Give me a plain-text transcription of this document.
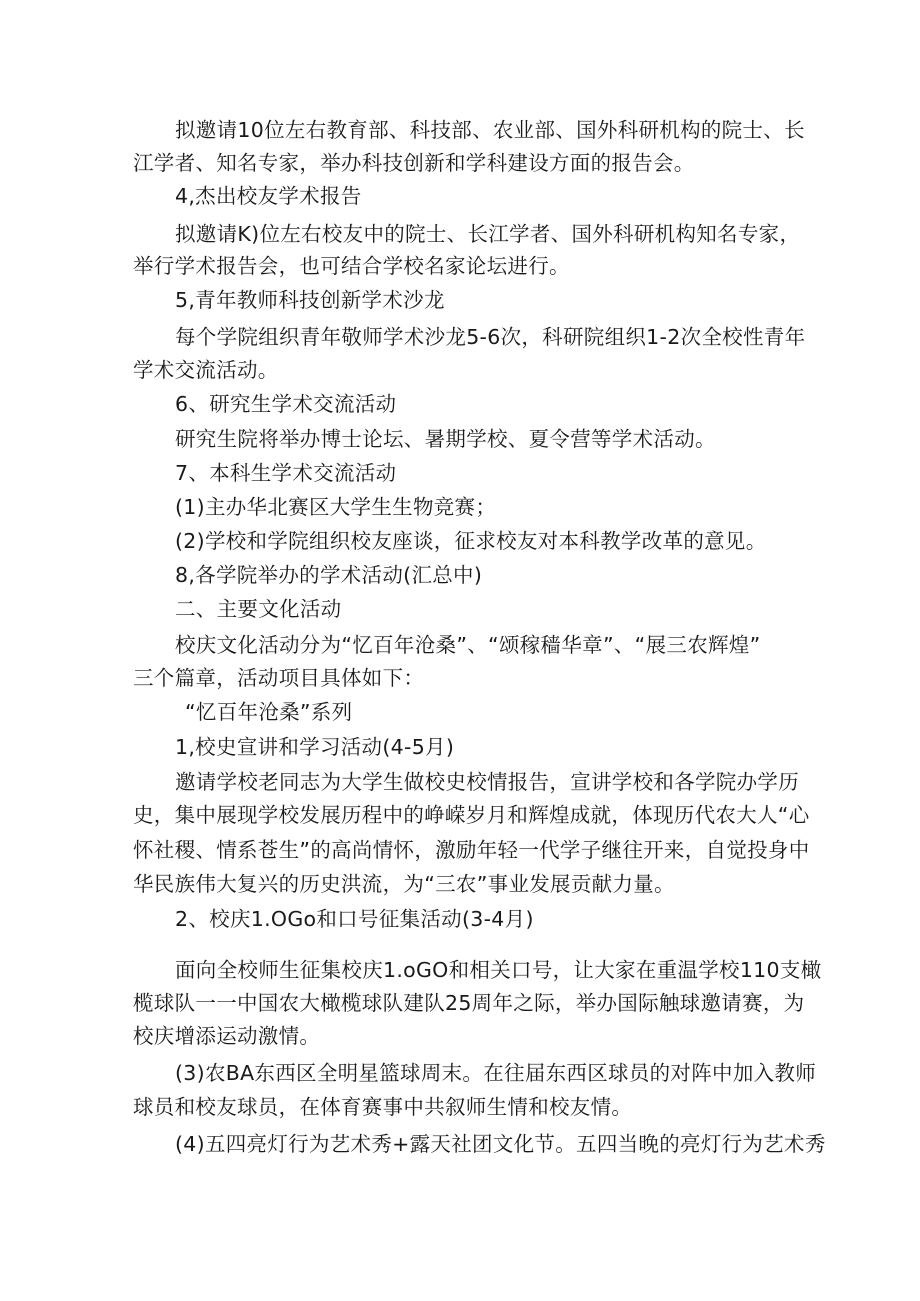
拟邀请10位左右教育部、科技部、农业部、国外科研机构的院士、长

江学者、知名专家，举办科技创新和学科建设方面的报告会。

4,杰出校友学术报告

拟邀请K)位左右校友中的院士、长江学者、国外科研机构知名专家，

举行学术报告会，也可结合学校名家论坛进行。

5,青年教师科技创新学术沙龙

每个学院组织青年敬师学术沙龙5-6次，科研院组织1-2次全校性青年

学术交流活动。

6、研究生学术交流活动

研究生院将举办博士论坛、暑期学校、夏令营等学术活动。

7、本科生学术交流活动

(1)主办华北赛区大学生生物竞赛；

(2)学校和学院组织校友座谈，征求校友对本科教学改革的意见。

8,各学院举办的学术活动(汇总中)

二、主要文化活动

校庆文化活动分为“忆百年沧桑”、“颂稼穑华章”、“展三农辉煌”

三个篇章，活动项目具体如下：

“忆百年沧桑”系列

1,校史宣讲和学习活动(4-5月)

邀请学校老同志为大学生做校史校情报告，宣讲学校和各学院办学历

史，集中展现学校发展历程中的峥嵘岁月和辉煌成就，体现历代农大人“心

怀社稷、情系苍生”的高尚情怀，激励年轻一代学子继往开来，自觉投身中

华民族伟大复兴的历史洪流，为“三农”事业发展贡献力量。

2、校庆1.OGo和口号征集活动(3-4月)

面向全校师生征集校庆1.oGO和相关口号，让大家在重温学校110支橄

榄球队一一中国农大橄榄球队建队25周年之际，举办国际触球邀请赛，为

校庆增添运动激情。

(3)农BA东西区全明星篮球周末。在往届东西区球员的对阵中加入教师

球员和校友球员，在体育赛事中共叙师生情和校友情。

(4)五四亮灯行为艺术秀+露天社团文化节。五四当晚的亮灯行为艺术秀
